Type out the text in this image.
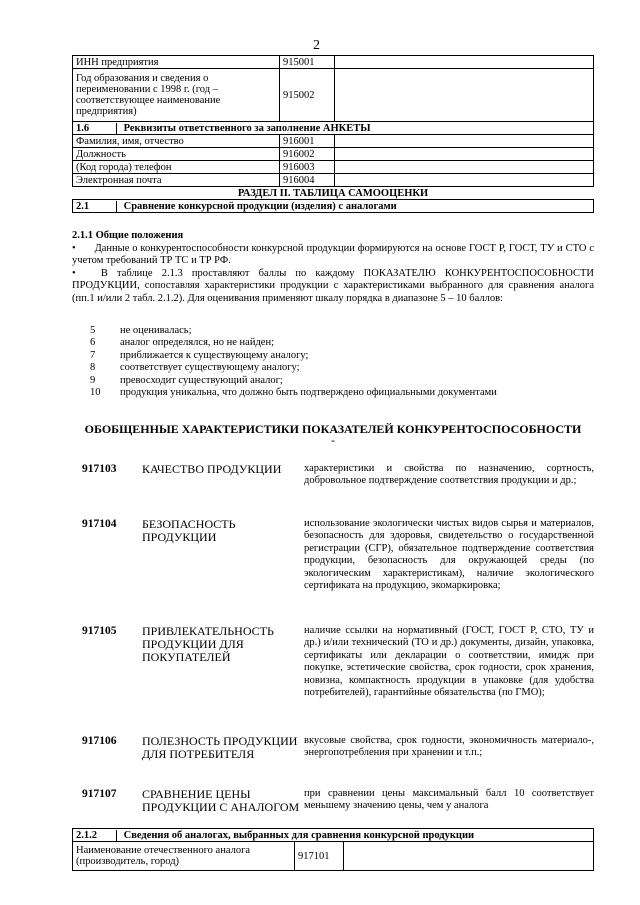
2
ИНН предприятия	915001	
Год образования и сведения о переименовании с 1998 г. (год – соответствующее наименование предприятия)	915002	
1.6 Реквизиты ответственного за заполнение АНКЕТЫ		
Фамилия, имя, отчество	916001	
Должность	916002	
(Код города) телефон	916003	
Электронная почта	916004	
РАЗДЕЛ II. ТАБЛИЦА САМООЦЕНКИ		
2.1 Сравнение конкурсной продукции (изделия) с аналогами		
2.1.1 Общие положения
• Данные о конкурентоспособности конкурсной продукции формируются на основе ГОСТ Р, ГОСТ, ТУ и СТО с учетом требований ТР ТС и ТР РФ.
• В таблице 2.1.3 проставляют баллы по каждому ПОКАЗАТЕЛЮ КОНКУРЕНТОСПОСОБНОСТИ ПРОДУКЦИИ, сопоставляя характеристики продукции с характеристиками выбранного для сравнения аналога (пп.1 и/или 2 табл. 2.1.2). Для оценивания применяют шкалу порядка в диапазоне 5 – 10 баллов:
5 не оценивалась;
6 аналог определялся, но не найден;
7 приближается к существующему аналогу;
8 соответствует существующему аналогу;
9 превосходит существующий аналог;
10 продукция уникальна, что должно быть подтверждено официальными документами
ОБОБЩЕННЫЕ ХАРАКТЕРИСТИКИ ПОКАЗАТЕЛЕЙ КОНКУРЕНТОСПОСОБНОСТИ
-
917103 КАЧЕСТВО ПРОДУКЦИИ	характеристики и свойства по назначению, сортность, добровольное подтверждение соответствия продукции и др.;
917104 БЕЗОПАСНОСТЬ ПРОДУКЦИИ
использование экологически чистых видов сырья и материалов, безопасность для здоровья, свидетельство о государственной регистрации (СГР), обязательное подтверждение соответствия продукции, безопасность для окружающей среды (по экологическим характеристикам), наличие экологического сертификата на продукцию, экомаркировка;
917105 ПРИВЛЕКАТЕЛЬНОСТЬ ПРОДУКЦИИ ДЛЯ ПОКУПАТЕЛЕЙ
наличие ссылки на нормативный (ГОСТ, ГОСТ Р, СТО, ТУ и др.) и/или технический (ТО и др.) документы, дизайн, упаковка, сертификаты или декларации о соответствии, имидж при покупке, эстетические свойства, срок годности, срок хранения, новизна, компактность продукции в упаковке (для удобства потребителей), гарантийные обязательства (по ГМО);
917106 ПОЛЕЗНОСТЬ ПРОДУКЦИИ ДЛЯ ПОТРЕБИТЕЛЯ
вкусовые свойства, срок годности, экономичность материало-, энергопотребления при хранении и т.п.;
917107 СРАВНЕНИЕ ЦЕНЫ ПРОДУКЦИИ С АНАЛОГОМ
при сравнении цены максимальный балл 10 соответствует меньшему значению цены, чем у аналога
2.1.2	Сведения об аналогах, выбранных для сравнения конкурсной продукции
Наименование отечественного аналога (производитель, город)	917101	
